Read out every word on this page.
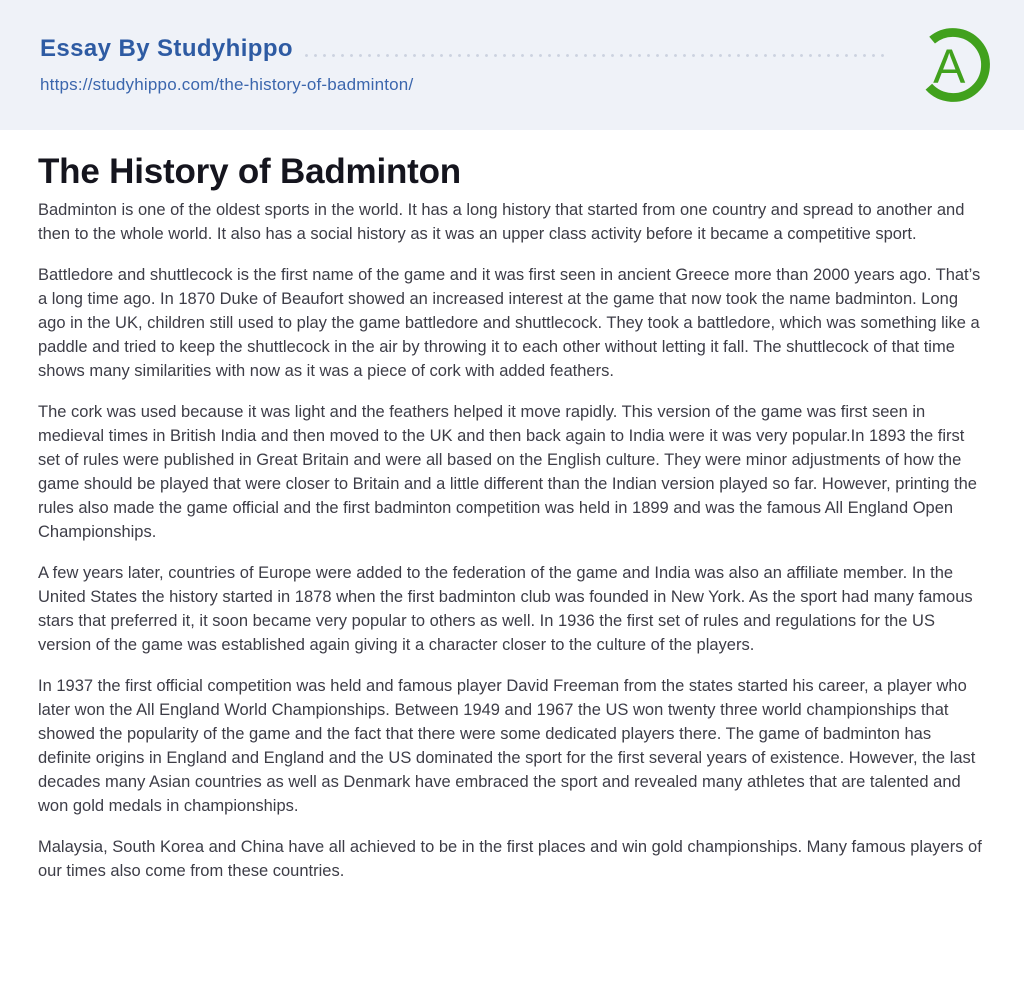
Essay By Studyhippo
https://studyhippo.com/the-history-of-badminton/	A
The History of Badminton

Badminton is one of the oldest sports in the world. It has a long history that started from one country and spread to another and then to the whole world. It also has a social history as it was an upper class activity before it became a competitive sport.

Battledore and shuttlecock is the first name of the game and it was first seen in ancient Greece more than 2000 years ago. That’s a long time ago. In 1870 Duke of Beaufort showed an increased interest at the game that now took the name badminton. Long ago in the UK, children still used to play the game battledore and shuttlecock. They took a battledore, which was something like a paddle and tried to keep the shuttlecock in the air by throwing it to each other without letting it fall. The shuttlecock of that time shows many similarities with now as it was a piece of cork with added feathers.

The cork was used because it was light and the feathers helped it move rapidly. This version of the game was first seen in medieval times in British India and then moved to the UK and then back again to India were it was very popular.In 1893 the first set of rules were published in Great Britain and were all based on the English culture. They were minor adjustments of how the game should be played that were closer to Britain and a little different than the Indian version played so far. However, printing the rules also made the game official and the first badminton competition was held in 1899 and was the famous All England Open Championships.

A few years later, countries of Europe were added to the federation of the game and India was also an affiliate member. In the United States the history started in 1878 when the first badminton club was founded in New York. As the sport had many famous stars that preferred it, it soon became very popular to others as well. In 1936 the first set of rules and regulations for the US version of the game was established again giving it a character closer to the culture of the players.

In 1937 the first official competition was held and famous player David Freeman from the states started his career, a player who later won the All England World Championships. Between 1949 and 1967 the US won twenty three world championships that showed the popularity of the game and the fact that there were some dedicated players there. The game of badminton has definite origins in England and England and the US dominated the sport for the first several years of existence. However, the last decades many Asian countries as well as Denmark have embraced the sport and revealed many athletes that are talented and won gold medals in championships.

Malaysia, South Korea and China have all achieved to be in the first places and win gold championships. Many famous players of our times also come from these countries.
